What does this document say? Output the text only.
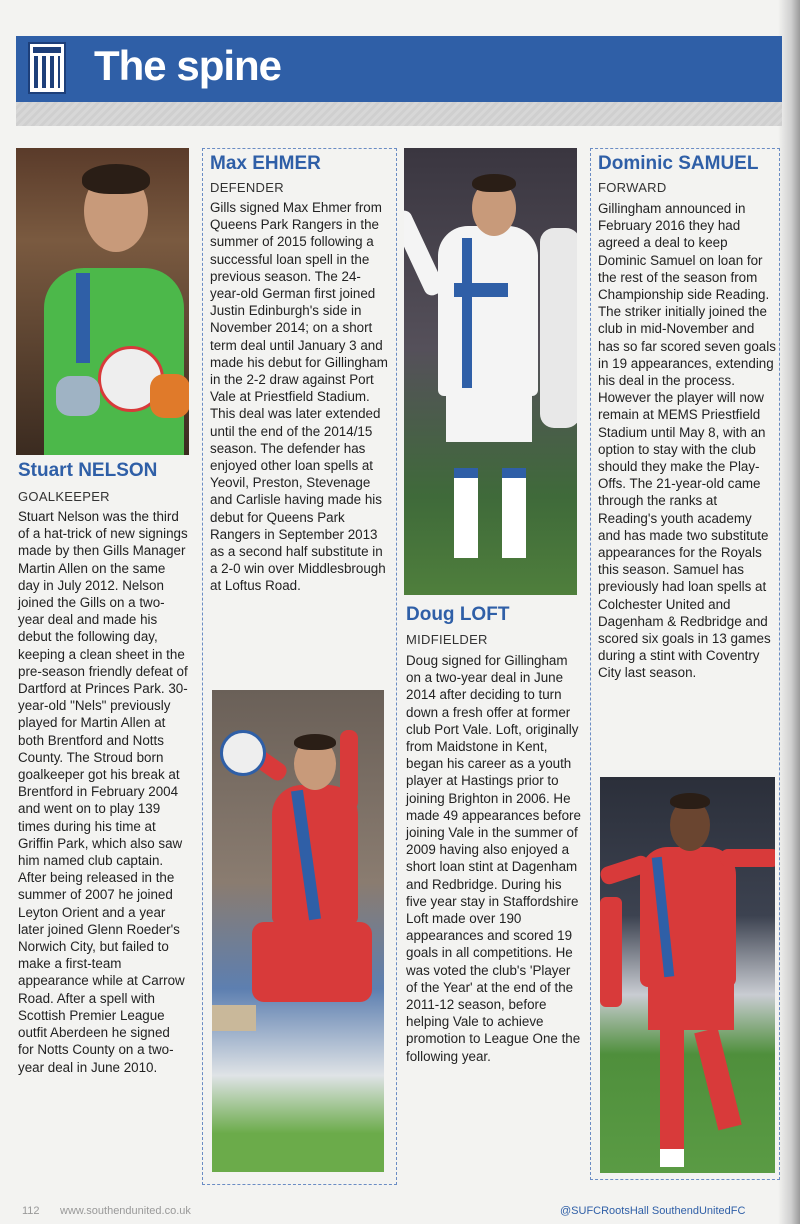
The spine
Stuart NELSON
GOALKEEPER
Stuart Nelson was the third of a hat-trick of new signings made by then Gills Manager Martin Allen on the same day in July 2012. Nelson joined the Gills on a two-year deal and made his debut the following day, keeping a clean sheet in the pre-season friendly defeat of Dartford at Princes Park. 30-year-old "Nels" previously played for Martin Allen at both Brentford and Notts County. The Stroud born goalkeeper got his break at Brentford in February 2004 and went on to play 139 times during his time at Griffin Park, which also saw him named club captain. After being released in the summer of 2007 he joined Leyton Orient and a year later joined Glenn Roeder's Norwich City, but failed to make a first-team appearance while at Carrow Road. After a spell with Scottish Premier League outfit Aberdeen he signed for Notts County on a two-year deal in June 2010.
Max EHMER
DEFENDER
Gills signed Max Ehmer from Queens Park Rangers in the summer of 2015 following a successful loan spell in the previous season. The 24-year-old German first joined Justin Edinburgh's side in November 2014; on a short term deal until January 3 and made his debut for Gillingham in the 2-2 draw against Port Vale at Priestfield Stadium. This deal was later extended until the end of the 2014/15 season. The defender has enjoyed other loan spells at Yeovil, Preston, Stevenage and Carlisle having made his debut for Queens Park Rangers in September 2013 as a second half substitute in a 2-0 win over Middlesbrough at Loftus Road.
Doug LOFT
MIDFIELDER
Doug signed for Gillingham on a two-year deal in June 2014 after deciding to turn down a fresh offer at former club Port Vale. Loft, originally from Maidstone in Kent, began his career as a youth player at Hastings prior to joining Brighton in 2006. He made 49 appearances before joining Vale in the summer of 2009 having also enjoyed a short loan stint at Dagenham and Redbridge. During his five year stay in Staffordshire Loft made over 190 appearances and scored 19 goals in all competitions. He was voted the club's 'Player of the Year' at the end of the 2011-12 season, before helping Vale to achieve promotion to League One the following year.
Dominic SAMUEL
FORWARD
Gillingham announced in February 2016 they had agreed a deal to keep Dominic Samuel on loan for the rest of the season from Championship side Reading. The striker initially joined the club in mid-November and has so far scored seven goals in 19 appearances, extending his deal in the process. However the player will now remain at MEMS Priestfield Stadium until May 8, with an option to stay with the club should they make the Play-Offs. The 21-year-old came through the ranks at Reading's youth academy and has made two substitute appearances for the Royals this season. Samuel has previously had loan spells at Colchester United and Dagenham & Redbridge and scored six goals in 13 games during a stint with Coventry City last season.
112 www.southendunited.co.uk	@SUFCRootsHall SouthendUnitedFC
